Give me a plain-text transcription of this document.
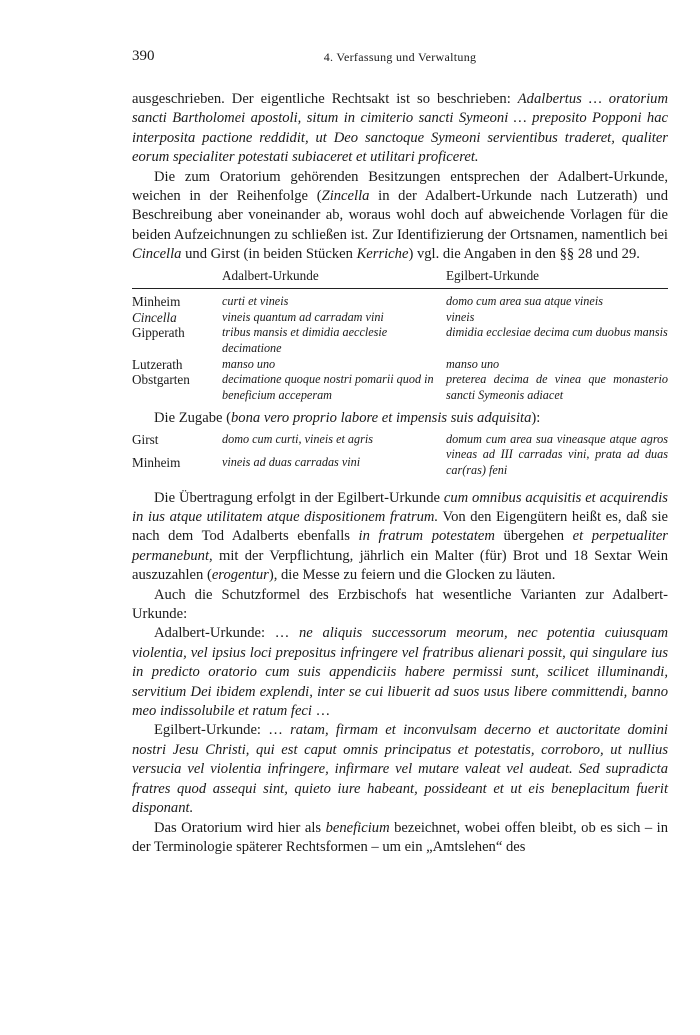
390	4. Verfassung und Verwaltung

ausgeschrieben. Der eigentliche Rechtsakt ist so beschrieben: Adalbertus … oratorium sancti Bartholomei apostoli, situm in cimiterio sancti Symeoni … preposito Popponi hac interposita pactione reddidit, ut Deo sanctoque Symeoni servientibus traderet, qualiter eorum specialiter potestati subiaceret et utilitari proficeret.

Die zum Oratorium gehörenden Besitzungen entsprechen der Adalbert-Urkunde, weichen in der Reihenfolge (Zincella in der Adalbert-Urkunde nach Lutzerath) und Beschreibung aber voneinander ab, woraus wohl doch auf abweichende Vorlagen für die beiden Aufzeichnungen zu schließen ist. Zur Identifizierung der Ortsnamen, namentlich bei Cincella und Girst (in beiden Stücken Kerriche) vgl. die Angaben in den §§ 28 und 29.

	Adalbert-Urkunde	Egilbert-Urkunde

Minheim	curti et vineis	domo cum area sua atque vineis
Cincella	vineis quantum ad carradam vini	vineis
Gipperath	tribus mansis et dimidia aecclesie decimatione	dimidia ecclesiae decima cum duobus mansis
Lutzerath	manso uno	manso uno
Obstgarten	decimatione quoque nostri pomarii quod in beneficium acceperam	preterea decima de vinea que monasterio sancti Symeonis adiacet

Die Zugabe (bona vero proprio labore et impensis suis adquisita):

Girst	domo cum curti, vineis et agris	domum cum area sua vineasque atque agros vineas ad III carradas vini, prata ad duas car(ras) feni
Minheim	vineis ad duas carradas vini	

Die Übertragung erfolgt in der Egilbert-Urkunde cum omnibus acquisitis et acquirendis in ius atque utilitatem atque dispositionem fratrum. Von den Eigengütern heißt es, daß sie nach dem Tod Adalberts ebenfalls in fratrum potestatem übergehen et perpetualiter permanebunt, mit der Verpflichtung, jährlich ein Malter (für) Brot und 18 Sextar Wein auszuzahlen (erogentur), die Messe zu feiern und die Glocken zu läuten.

Auch die Schutzformel des Erzbischofs hat wesentliche Varianten zur Adalbert-Urkunde:

Adalbert-Urkunde: … ne aliquis successorum meorum, nec potentia cuiusquam violentia, vel ipsius loci prepositus infringere vel fratribus alienari possit, qui singulare ius in predicto oratorio cum suis appendiciis habere permissi sunt, scilicet illuminandi, servitium Dei ibidem explendi, inter se cui libuerit ad suos usus libere committendi, banno meo indissolubile et ratum feci …

Egilbert-Urkunde: … ratam, firmam et inconvulsam decerno et auctoritate domini nostri Jesu Christi, qui est caput omnis principatus et potestatis, corroboro, ut nullius versucia vel violentia infringere, infirmare vel mutare valeat vel audeat. Sed supradicta fratres quod assequi sint, quieto iure habeant, possideant et ut eis beneplacitum fuerit disponant.

Das Oratorium wird hier als beneficium bezeichnet, wobei offen bleibt, ob es sich – in der Terminologie späterer Rechtsformen – um ein „Amtslehen“ des
